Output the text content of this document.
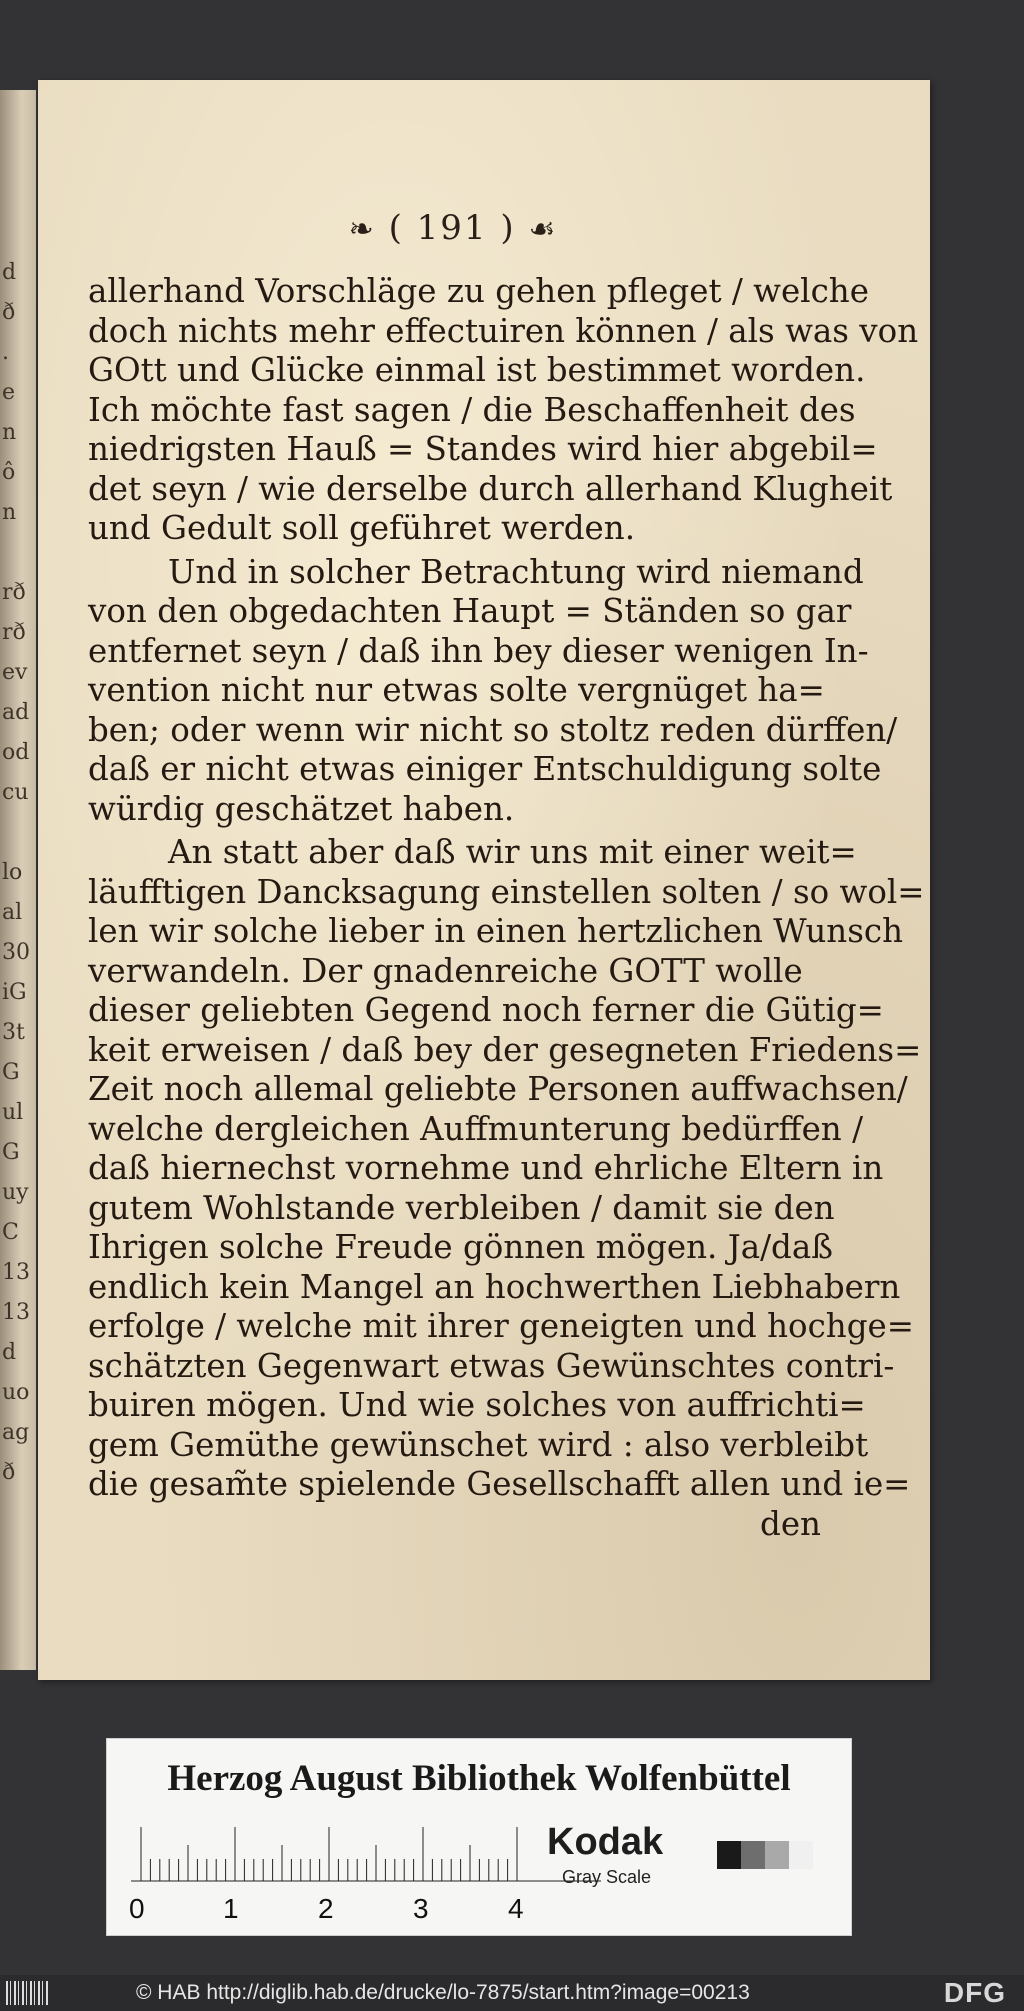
d
ð
.
e
n
ô
n
rð
rð
ev
ad
od
cu
lo
al
30
iG
3t
G
ul
G
uy
C
13
13
d
uo
ag
ð
❧ ( 191 ) ☙
allerhand Vorschläge zu gehen pfleget / welche
doch nichts mehr effectuiren können / als was von
GOtt und Glücke einmal ist bestimmet worden.
Ich möchte fast sagen / die Beschaffenheit des
niedrigsten Hauß = Standes wird hier abgebil=
det seyn / wie derselbe durch allerhand Klugheit
und Gedult soll geführet werden.
Und in solcher Betrachtung wird niemand
von den obgedachten Haupt = Ständen so gar
entfernet seyn / daß ihn bey dieser wenigen In-
vention nicht nur etwas solte vergnüget ha=
ben; oder wenn wir nicht so stoltz reden dürffen/
daß er nicht etwas einiger Entschuldigung solte
würdig geschätzet haben.
An statt aber daß wir uns mit einer weit=
läufftigen Dancksagung einstellen solten / so wol=
len wir solche lieber in einen hertzlichen Wunsch
verwandeln. Der gnadenreiche GOTT wolle
dieser geliebten Gegend noch ferner die Gütig=
keit erweisen / daß bey der gesegneten Friedens=
Zeit noch allemal geliebte Personen auffwachsen/
welche dergleichen Auffmunterung bedürffen /
daß hiernechst vornehme und ehrliche Eltern in
gutem Wohlstande verbleiben / damit sie den
Ihrigen solche Freude gönnen mögen. Ja/daß
endlich kein Mangel an hochwerthen Liebhabern
erfolge / welche mit ihrer geneigten und hochge=
schätzten Gegenwart etwas Gewünschtes contri-
buiren mögen. Und wie solches von auffrichti=
gem Gemüthe gewünschet wird : also verbleibt
die gesam̃te spielende Gesellschafft allen und ie=
den
Herzog August Bibliothek Wolfenbüttel
0	1	2	3	4
Kodak
Gray Scale
© HAB http://diglib.hab.de/drucke/lo-7875/start.htm?image=00213	DFG
